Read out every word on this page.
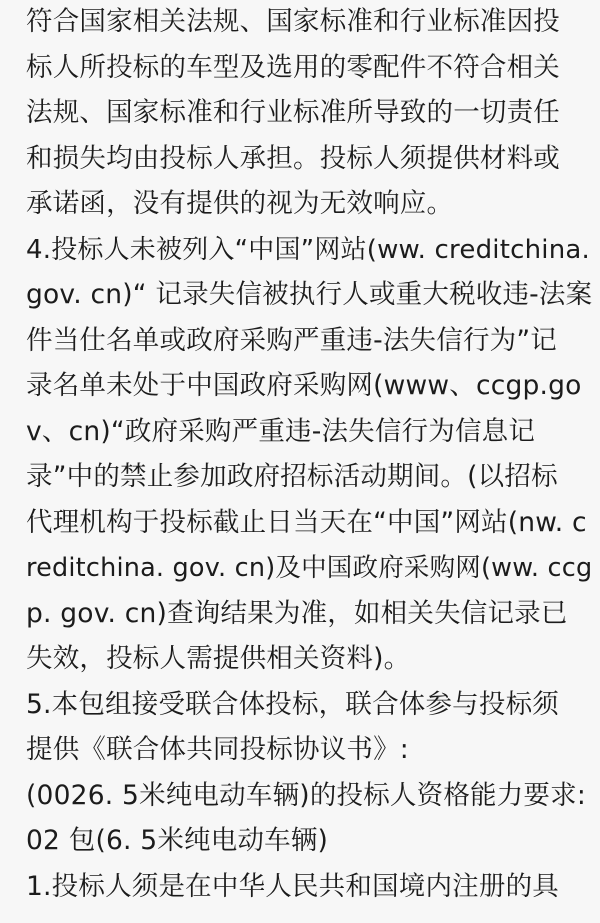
符合国家相关法规、国家标准和行业标准因投
标人所投标的车型及选用的零配件不符合相关
法规、国家标准和行业标准所导致的一切责任
和损失均由投标人承担。投标人须提供材料或
承诺函，没有提供的视为无效响应。
4.投标人未被列入“中国”网站(ww. creditchina.
gov. cn)“ 记录失信被执行人或重大税收违-法案
件当仕名单或政府采购严重违-法失信行为”记
录名单未处于中国政府采购网(www、ccgp.go
v、cn)“政府采购严重违-法失信行为信息记
录”中的禁止参加政府招标活动期间。(以招标
代理机构于投标截止日当天在“中国”网站(nw. c
reditchina. gov. cn)及中国政府采购网(ww. ccg
p. gov. cn)查询结果为准，如相关失信记录已
失效，投标人需提供相关资料)。
5.本包组接受联合体投标，联合体参与投标须
提供《联合体共同投标协议书》:
(0026. 5米纯电动车辆)的投标人资格能力要求:
02 包(6. 5米纯电动车辆)
1.投标人须是在中华人民共和国境内注册的具
